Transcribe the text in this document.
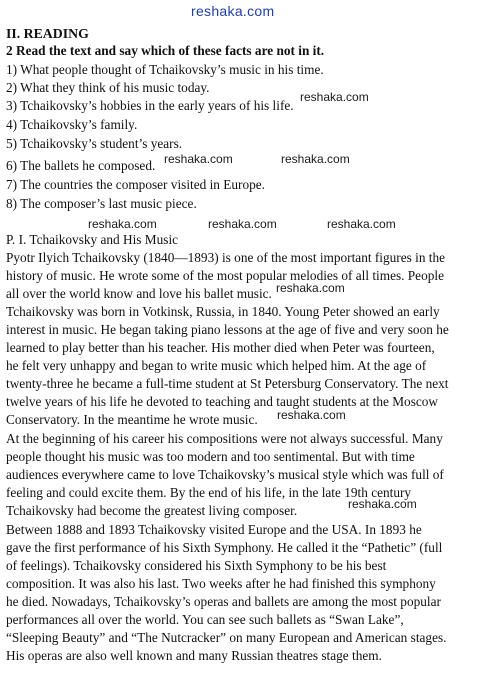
reshaka.com
II. READING
2 Read the text and say which of these facts are not in it.
1) What people thought of Tchaikovsky’s music in his time.
2) What they think of his music today.
3) Tchaikovsky’s hobbies in the early years of his life.
4) Tchaikovsky’s family.
5) Tchaikovsky’s student’s years.
6) The ballets he composed.
7) The countries the composer visited in Europe.
8) The composer’s last music piece.
reshaka.com
reshaka.com	reshaka.com
reshaka.com	reshaka.com	reshaka.com
P. I. Tchaikovsky and His Music
Pyotr Ilyich Tchaikovsky (1840—1893) is one of the most important figures in the
history of music. He wrote some of the most popular melodies of all times. People
all over the world know and love his ballet music.
Tchaikovsky was born in Votkinsk, Russia, in 1840. Young Peter showed an early
interest in music. He began taking piano lessons at the age of five and very soon he
learned to play better than his teacher. His mother died when Peter was fourteen,
he felt very unhappy and began to write music which helped him. At the age of
twenty-three he became a full-time student at St Petersburg Conservatory. The next
twelve years of his life he devoted to teaching and taught students at the Moscow
Conservatory. In the meantime he wrote music.
At the beginning of his career his compositions were not always successful. Many
people thought his music was too modern and too sentimental. But with time
audiences everywhere came to love Tchaikovsky’s musical style which was full of
feeling and could excite them. By the end of his life, in the late 19th century
Tchaikovsky had become the greatest living composer.
Between 1888 and 1893 Tchaikovsky visited Europe and the USA. In 1893 he
gave the first performance of his Sixth Symphony. He called it the “Pathetic” (full
of feelings). Tchaikovsky considered his Sixth Symphony to be his best
composition. It was also his last. Two weeks after he had finished this symphony
he died. Nowadays, Tchaikovsky’s operas and ballets are among the most popular
performances all over the world. You can see such ballets as “Swan Lake”,
“Sleeping Beauty” and “The Nutcracker” on many European and American stages.
His operas are also well known and many Russian theatres stage them.
reshaka.com
reshaka.com
reshaka.com
